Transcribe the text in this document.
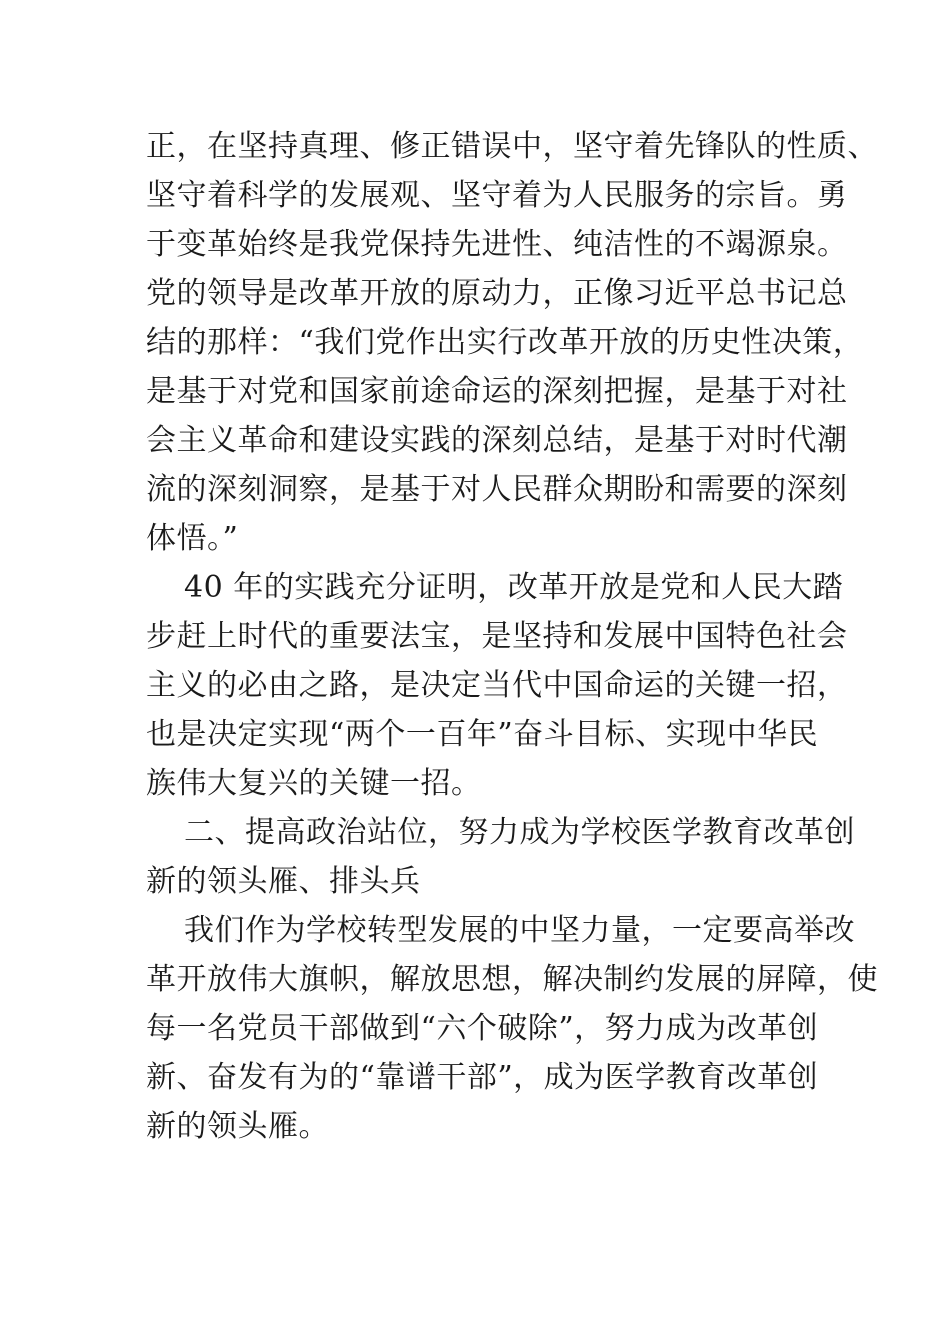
正，在坚持真理、修正错误中，坚守着先锋队的性质、
坚守着科学的发展观、坚守着为人民服务的宗旨。勇
于变革始终是我党保持先进性、纯洁性的不竭源泉。
党的领导是改革开放的原动力，正像习近平总书记总
结的那样：“我们党作出实行改革开放的历史性决策，
是基于对党和国家前途命运的深刻把握，是基于对社
会主义革命和建设实践的深刻总结，是基于对时代潮
流的深刻洞察，是基于对人民群众期盼和需要的深刻
体悟。”
40 年的实践充分证明，改革开放是党和人民大踏
步赶上时代的重要法宝，是坚持和发展中国特色社会
主义的必由之路，是决定当代中国命运的关键一招，
也是决定实现“两个一百年”奋斗目标、实现中华民
族伟大复兴的关键一招。
二、提高政治站位，努力成为学校医学教育改革创
新的领头雁、排头兵
我们作为学校转型发展的中坚力量，一定要高举改
革开放伟大旗帜，解放思想，解决制约发展的屏障，使
每一名党员干部做到“六个破除”，努力成为改革创
新、奋发有为的“靠谱干部”，成为医学教育改革创
新的领头雁。
